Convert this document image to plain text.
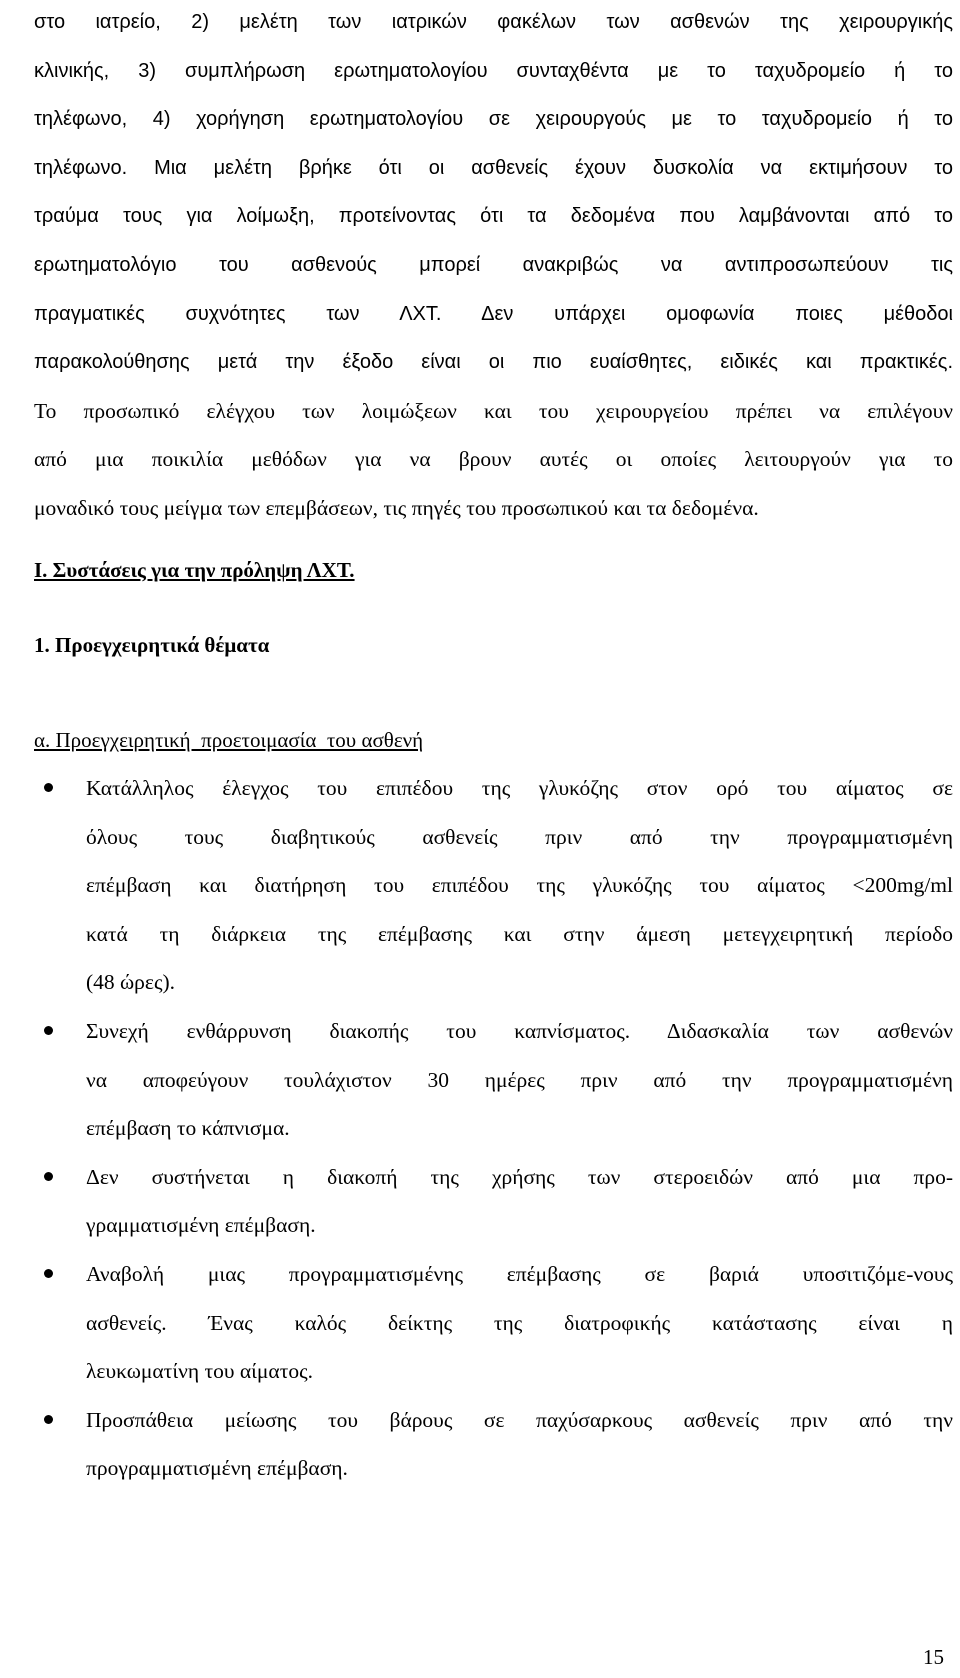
στο ιατρείο, 2) μελέτη των ιατρικών φακέλων των ασθενών της χειρουργικής
κλινικής, 3) συμπλήρωση ερωτηματολογίου συνταχθέντα με το ταχυδρομείο ή το
τηλέφωνο, 4) χορήγηση ερωτηματολογίου σε χειρουργούς με το ταχυδρομείο ή το
τηλέφωνο. Μια μελέτη βρήκε ότι οι ασθενείς έχουν δυσκολία να εκτιμήσουν το
τραύμα τους για λοίμωξη, προτείνοντας ότι τα δεδομένα που λαμβάνονται από το
ερωτηματολόγιο του ασθενούς μπορεί ανακριβώς να αντιπροσωπεύουν τις
πραγματικές συχνότητες των ΛΧΤ. Δεν υπάρχει ομοφωνία ποιες μέθοδοι
παρακολούθησης μετά την έξοδο είναι οι πιο ευαίσθητες, ειδικές και πρακτικές.
Το προσωπικό ελέγχου των λοιμώξεων και του χειρουργείου πρέπει να επιλέγουν
από μια ποικιλία μεθόδων για να βρουν αυτές οι οποίες λειτουργούν για το
μοναδικό τους μείγμα των επεμβάσεων, τις πηγές του προσωπικού και τα δεδομένα.

I. Συστάσεις για την πρόληψη ΛΧΤ.
1. Προεγχειρητικά θέματα

α. Προεγχειρητική  προετοιμασία  του ασθενή

Κατάλληλος έλεγχος του επιπέδου της γλυκόζης στον ορό του αίματος σε
όλους τους διαβητικούς ασθενείς πριν από την προγραμματισμένη
επέμβαση και διατήρηση του επιπέδου της γλυκόζης του αίματος <200mg/ml
κατά τη διάρκεια της επέμβασης και στην άμεση μετεγχειρητική περίοδο
(48 ώρες).
Συνεχή ενθάρρυνση διακοπής του καπνίσματος. Διδασκαλία των ασθενών
να αποφεύγουν τουλάχιστον 30 ημέρες πριν από την προγραμματισμένη
επέμβαση το κάπνισμα.
Δεν συστήνεται η διακοπή της χρήσης των στεροειδών από μια προ-
γραμματισμένη επέμβαση.
Αναβολή μιας προγραμματισμένης επέμβασης σε βαριά υποσιτιζόμε-νους
ασθενείς. Ένας καλός δείκτης της διατροφικής κατάστασης είναι η
λευκωματίνη του αίματος.
Προσπάθεια μείωσης του βάρους σε παχύσαρκους ασθενείς πριν από την
προγραμματισμένη επέμβαση.
15
